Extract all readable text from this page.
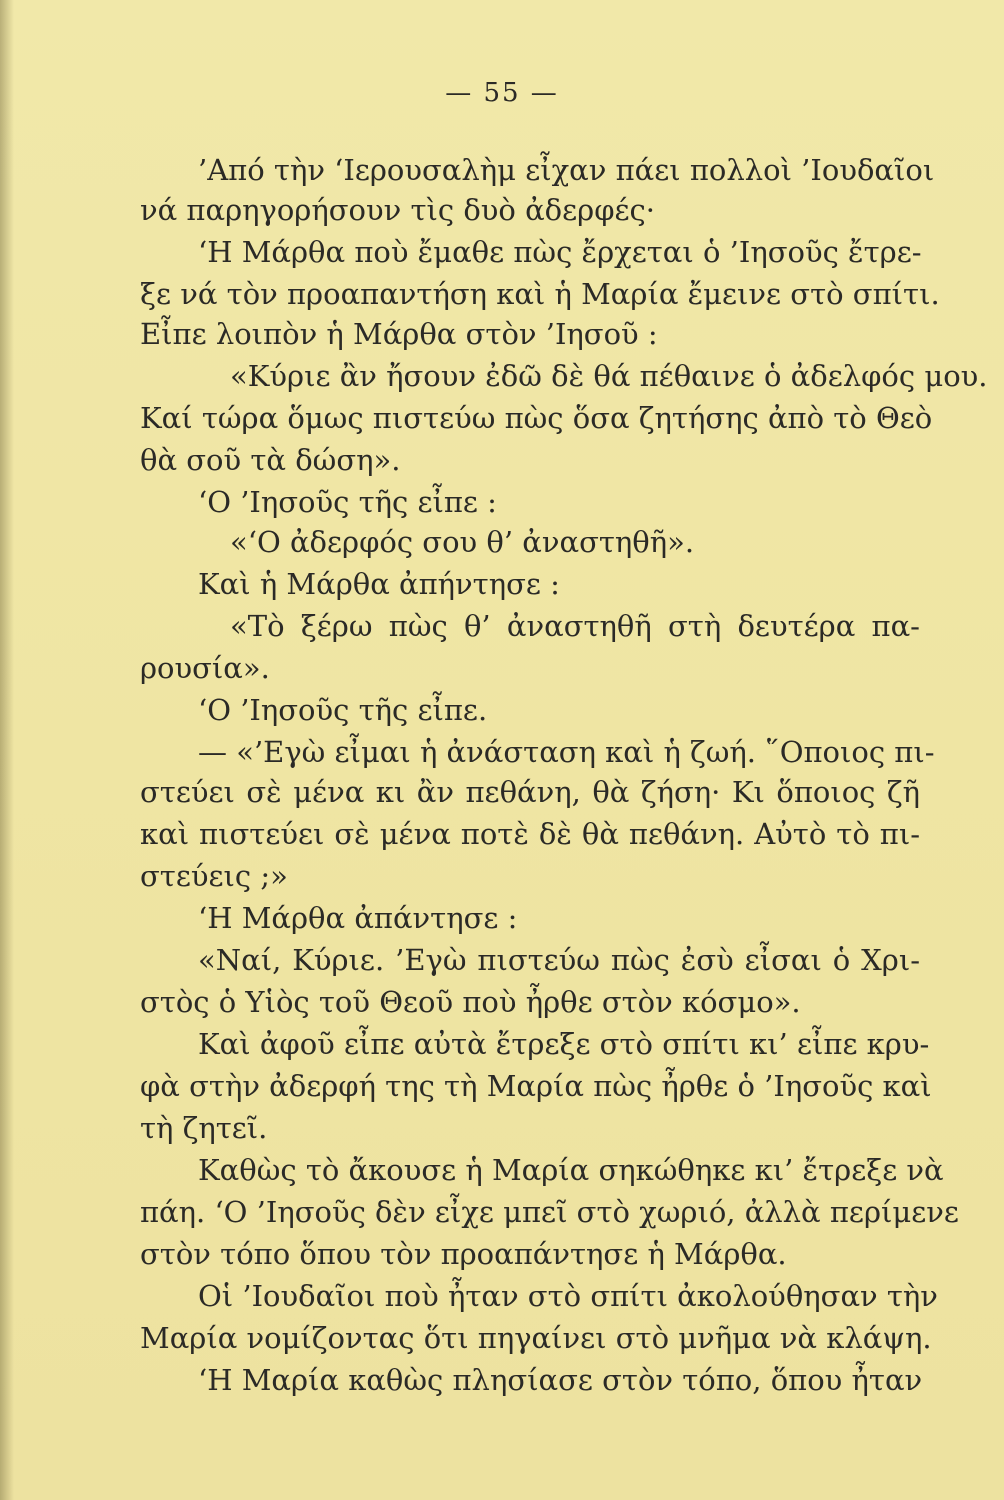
— 55 —
’Από τὴν ‘Ιερουσαλὴμ εἶχαν πάει πολλοὶ ’Ιουδαῖοι
νά παρηγορήσουν τὶς δυὸ ἀδερφές·
‘Η Μάρθα ποὺ ἔμαθε πὼς ἔρχεται ὁ ’Ιησοῦς ἔτρε-
ξε νά τὸν προαπαντήση καὶ ἡ Μαρία ἔμεινε στὸ σπίτι.
Εἶπε λοιπὸν ἡ Μάρθα στὸν ’Ιησοῦ :
«Κύριε ἂν ἤσουν ἐδῶ δὲ θά πέθαινε ὁ ἀδελφός μου.
Καί τώρα ὅμως πιστεύω πὼς ὅσα ζητήσης ἀπὸ τὸ Θεὸ
θὰ σοῦ τὰ δώση».
‘Ο ’Ιησοῦς τῆς εἶπε :
«‘Ο ἀδερφός σου θ’ ἀναστηθῆ».
Καὶ ἡ Μάρθα ἀπήντησε :
«Τὸ ξέρω πὼς θ’ ἀναστηθῆ στὴ δευτέρα πα-
ρουσία».
‘Ο ’Ιησοῦς τῆς εἶπε.
— «’Εγὼ εἶμαι ἡ ἀνάσταση καὶ ἡ ζωή. ῞Οποιος πι-
στεύει σὲ μένα κι ἂν πεθάνη, θὰ ζήση· Κι ὅποιος ζῆ
καὶ πιστεύει σὲ μένα ποτὲ δὲ θὰ πεθάνη. Αὐτὸ τὸ πι-
στεύεις ;»
‘Η Μάρθα ἀπάντησε :
«Ναί, Κύριε. ’Εγὼ πιστεύω πὼς ἐσὺ εἶσαι ὁ Χρι-
στὸς ὁ Υἱὸς τοῦ Θεοῦ ποὺ ἦρθε στὸν κόσμο».
Καὶ ἀφοῦ εἶπε αὐτὰ ἔτρεξε στὸ σπίτι κι’ εἶπε κρυ-
φὰ στὴν ἀδερφή της τὴ Μαρία πὼς ἦρθε ὁ ’Ιησοῦς καὶ
τὴ ζητεῖ.
Καθὼς τὸ ἄκουσε ἡ Μαρία σηκώθηκε κι’ ἔτρεξε νὰ
πάη. ‘Ο ’Ιησοῦς δὲν εἶχε μπεῖ στὸ χωριό, ἀλλὰ περίμενε
στὸν τόπο ὅπου τὸν προαπάντησε ἡ Μάρθα.
Οἱ ’Ιουδαῖοι ποὺ ἦταν στὸ σπίτι ἀκολούθησαν τὴν
Μαρία νομίζοντας ὅτι πηγαίνει στὸ μνῆμα νὰ κλάψη.
‘Η Μαρία καθὼς πλησίασε στὸν τόπο, ὅπου ἦταν
